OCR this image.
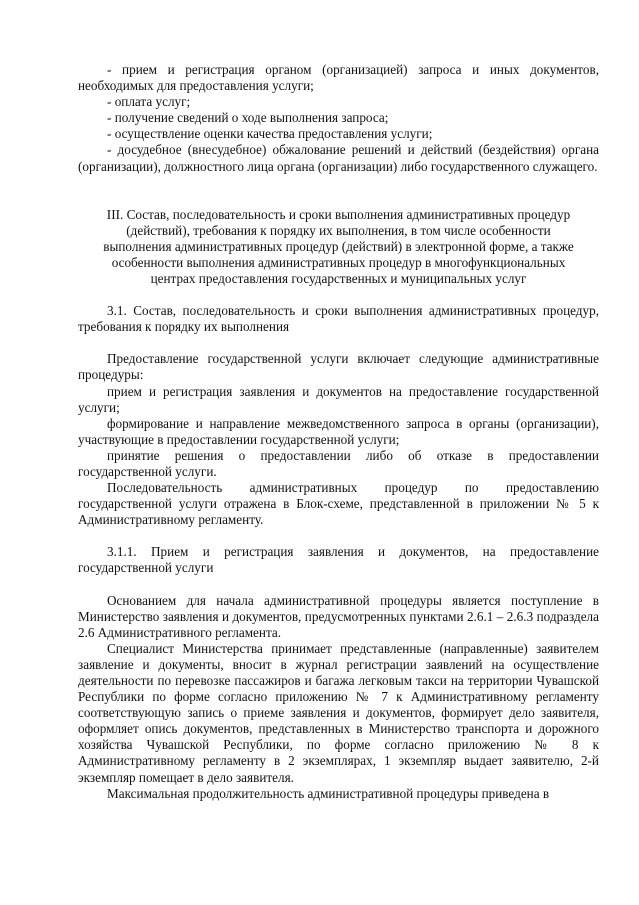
- прием и регистрация органом (организацией) запроса и иных документов, необходимых для предоставления услуги;

- оплата услуг;

- получение сведений о ходе выполнения запроса;

- осуществление оценки качества предоставления услуги;

- досудебное (внесудебное) обжалование решений и действий (бездействия) органа (организации), должностного лица органа (организации) либо государственного служащего.

III. Состав, последовательность и сроки выполнения административных процедур (действий), требования к порядку их выполнения, в том числе особенности выполнения административных процедур (действий) в электронной форме, а также особенности выполнения административных процедур в многофункциональных центрах предоставления государственных и муниципальных услуг

3.1. Состав, последовательность и сроки выполнения административных процедур, требования к порядку их выполнения

Предоставление государственной услуги включает следующие административные процедуры:

прием и регистрация заявления и документов на предоставление государственной услуги;

формирование и направление межведомственного запроса в органы (организации), участвующие в предоставлении государственной услуги;

принятие решения о предоставлении либо об отказе в предоставлении государственной услуги.

Последовательность административных процедур по предоставлению государственной услуги отражена в Блок-схеме, представленной в приложении № 5 к Административному регламенту.

3.1.1. Прием и регистрация заявления и документов, на предоставление государственной услуги

Основанием для начала административной процедуры является поступление в Министерство заявления и документов, предусмотренных пунктами 2.6.1 – 2.6.3 подраздела 2.6 Административного регламента.

Специалист Министерства принимает представленные (направленные) заявителем заявление и документы, вносит в журнал регистрации заявлений на осуществление деятельности по перевозке пассажиров и багажа легковым такси на территории Чувашской Республики по форме согласно приложению № 7 к Административному регламенту соответствующую запись о приеме заявления и документов, формирует дело заявителя, оформляет опись документов, представленных в Министерство транспорта и дорожного хозяйства Чувашской Республики, по форме согласно приложению № 8 к Административному регламенту в 2 экземплярах, 1 экземпляр выдает заявителю, 2-й экземпляр помещает в дело заявителя.

Максимальная продолжительность административной процедуры приведена в
